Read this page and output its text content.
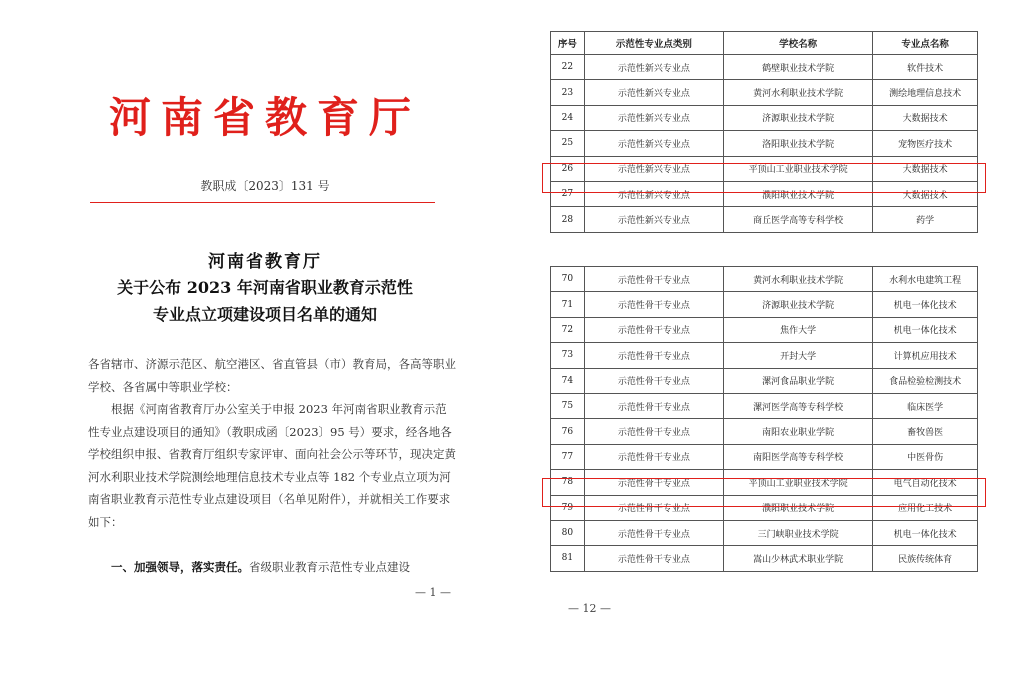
河南省教育厅
教职成〔2023〕131 号
河南省教育厅
关于公布 2023 年河南省职业教育示范性
专业点立项建设项目名单的通知
各省辖市、济源示范区、航空港区、省直管县（市）教育局，各高等职业学校、各省属中等职业学校：
根据《河南省教育厅办公室关于申报 2023 年河南省职业教育示范性专业点建设项目的通知》（教职成函〔2023〕95 号）要求，经各地各学校组织申报、省教育厅组织专家评审、面向社会公示等环节，现决定黄河水利职业技术学院测绘地理信息技术专业点等 182 个专业点立项为河南省职业教育示范性专业点建设项目（名单见附件），并就相关工作要求如下：
一、加强领导，落实责任。省级职业教育示范性专业点建设
— 1 —
序号	示范性专业点类别	学校名称	专业点名称
22	示范性新兴专业点	鹤壁职业技术学院	软件技术
23	示范性新兴专业点	黄河水利职业技术学院	测绘地理信息技术
24	示范性新兴专业点	济源职业技术学院	大数据技术
25	示范性新兴专业点	洛阳职业技术学院	宠物医疗技术
26	示范性新兴专业点	平顶山工业职业技术学院	大数据技术
27	示范性新兴专业点	濮阳职业技术学院	大数据技术
28	示范性新兴专业点	商丘医学高等专科学校	药学
70	示范性骨干专业点	黄河水利职业技术学院	水利水电建筑工程
71	示范性骨干专业点	济源职业技术学院	机电一体化技术
72	示范性骨干专业点	焦作大学	机电一体化技术
73	示范性骨干专业点	开封大学	计算机应用技术
74	示范性骨干专业点	漯河食品职业学院	食品检验检测技术
75	示范性骨干专业点	漯河医学高等专科学校	临床医学
76	示范性骨干专业点	南阳农业职业学院	畜牧兽医
77	示范性骨干专业点	南阳医学高等专科学校	中医骨伤
78	示范性骨干专业点	平顶山工业职业技术学院	电气自动化技术
79	示范性骨干专业点	濮阳职业技术学院	应用化工技术
80	示范性骨干专业点	三门峡职业技术学院	机电一体化技术
81	示范性骨干专业点	嵩山少林武术职业学院	民族传统体育
— 12 —
